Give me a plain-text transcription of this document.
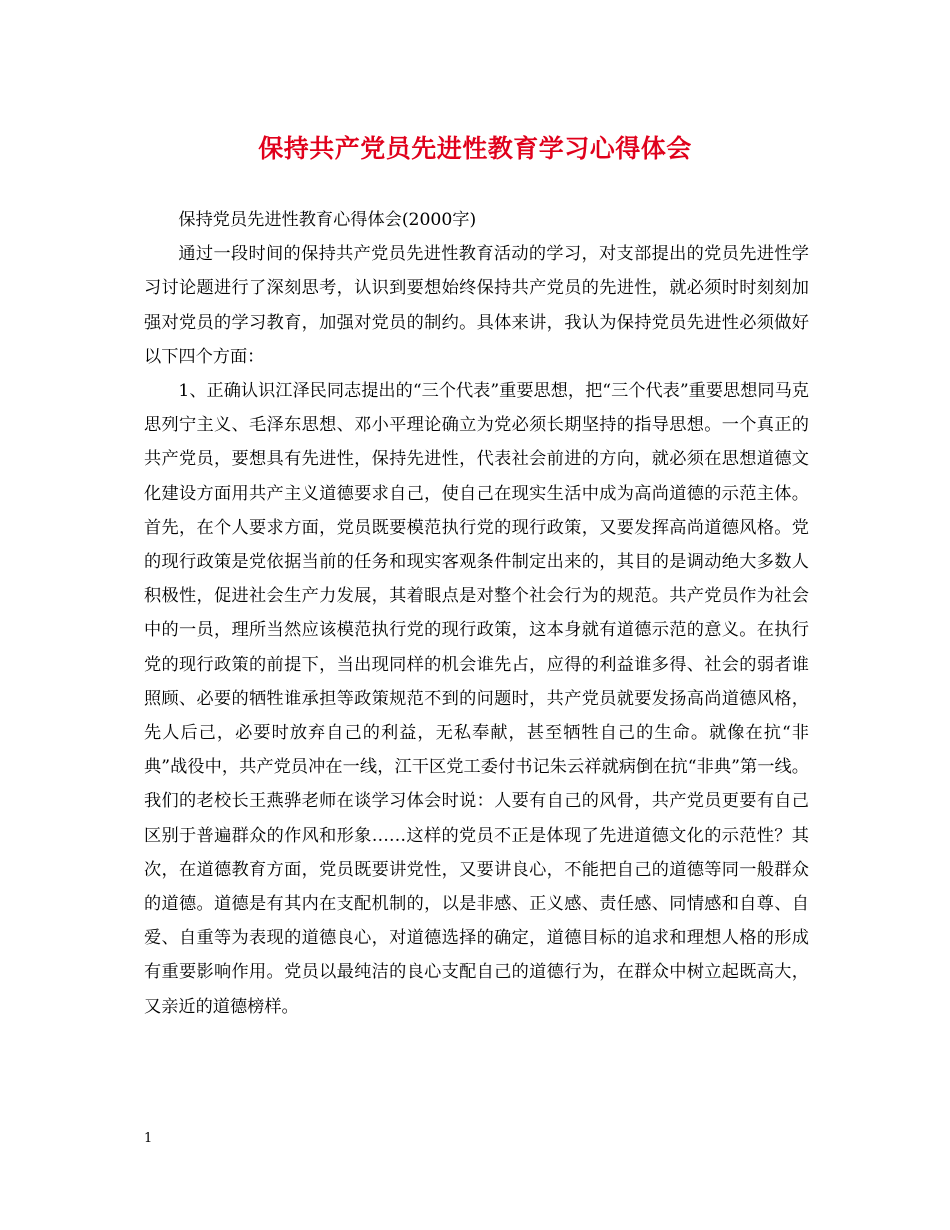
保持共产党员先进性教育学习心得体会

保持党员先进性教育心得体会(2000字)

通过一段时间的保持共产党员先进性教育活动的学习，对支部提出的党员先进性学习讨论题进行了深刻思考，认识到要想始终保持共产党员的先进性，就必须时时刻刻加强对党员的学习教育，加强对党员的制约。具体来讲，我认为保持党员先进性必须做好以下四个方面：

1、正确认识江泽民同志提出的“三个代表”重要思想，把“三个代表”重要思想同马克思列宁主义、毛泽东思想、邓小平理论确立为党必须长期坚持的指导思想。一个真正的共产党员，要想具有先进性，保持先进性，代表社会前进的方向，就必须在思想道德文化建设方面用共产主义道德要求自己，使自己在现实生活中成为高尚道德的示范主体。首先，在个人要求方面，党员既要模范执行党的现行政策，又要发挥高尚道德风格。党的现行政策是党依据当前的任务和现实客观条件制定出来的，其目的是调动绝大多数人积极性，促进社会生产力发展，其着眼点是对整个社会行为的规范。共产党员作为社会中的一员，理所当然应该模范执行党的现行政策，这本身就有道德示范的意义。在执行党的现行政策的前提下，当出现同样的机会谁先占，应得的利益谁多得、社会的弱者谁照顾、必要的牺牲谁承担等政策规范不到的问题时，共产党员就要发扬高尚道德风格，先人后己，必要时放弃自己的利益，无私奉献，甚至牺牲自己的生命。就像在抗“非典”战役中，共产党员冲在一线，江干区党工委付书记朱云祥就病倒在抗“非典”第一线。我们的老校长王燕骅老师在谈学习体会时说：人要有自己的风骨，共产党员更要有自己区别于普遍群众的作风和形象……这样的党员不正是体现了先进道德文化的示范性？其次，在道德教育方面，党员既要讲党性，又要讲良心，不能把自己的道德等同一般群众的道德。道德是有其内在支配机制的，以是非感、正义感、责任感、同情感和自尊、自爱、自重等为表现的道德良心，对道德选择的确定，道德目标的追求和理想人格的形成有重要影响作用。党员以最纯洁的良心支配自己的道德行为，在群众中树立起既高大，又亲近的道德榜样。

1
